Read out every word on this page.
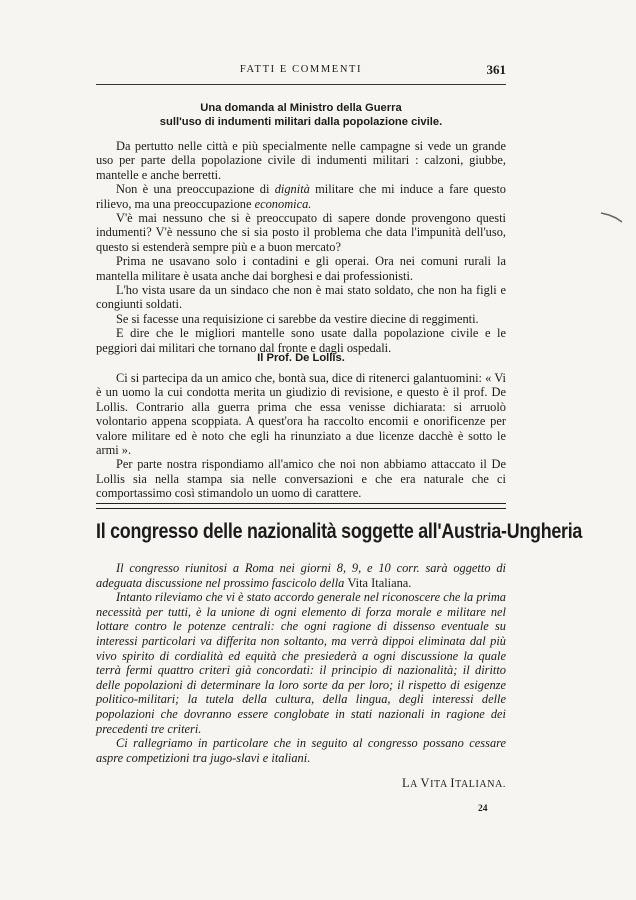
FATTI E COMMENTI	361
Una domanda al Ministro della Guerra
sull'uso di indumenti militari dalla popolazione civile.

Da pertutto nelle città e più specialmente nelle campagne si vede un grande uso per parte della popolazione civile di indumenti militari : calzoni, giubbe, mantelle e anche berretti.

Non è una preoccupazione di dignità militare che mi induce a fare questo rilievo, ma una preoccupazione economica.

V'è mai nessuno che si è preoccupato di sapere donde provengono questi indumenti? V'è nessuno che si sia posto il problema che data l'impunità dell'uso, questo si estenderà sempre più e a buon mercato?

Prima ne usavano solo i contadini e gli operai. Ora nei comuni rurali la mantella militare è usata anche dai borghesi e dai professionisti.

L'ho vista usare da un sindaco che non è mai stato soldato, che non ha figli e congiunti soldati.

Se si facesse una requisizione ci sarebbe da vestire diecine di reggimenti.

E dire che le migliori mantelle sono usate dalla popolazione civile e le peggiori dai militari che tornano dal fronte e dagli ospedali.

Il Prof. De Lollis.

Ci si partecipa da un amico che, bontà sua, dice di ritenerci galantuomini: « Vi è un uomo la cui condotta merita un giudizio di revisione, e questo è il prof. De Lollis. Contrario alla guerra prima che essa venisse dichiarata: si arruolò volontario appena scoppiata. A quest'ora ha raccolto encomii e onorificenze per valore militare ed è noto che egli ha rinunziato a due licenze dacchè è sotto le armi ».

Per parte nostra rispondiamo all'amico che noi non abbiamo attaccato il De Lollis sia nella stampa sia nelle conversazioni e che era naturale che ci comportassimo così stimandolo un uomo di carattere.

Il congresso delle nazionalità soggette all'Austria-Ungheria

Il congresso riunitosi a Roma nei giorni 8, 9, e 10 corr. sarà oggetto di adeguata discussione nel prossimo fascicolo della Vita Italiana.

Intanto rileviamo che vi è stato accordo generale nel riconoscere che la prima necessità per tutti, è la unione di ogni elemento di forza morale e militare nel lottare contro le potenze centrali: che ogni ragione di dissenso eventuale su interessi particolari va differita non soltanto, ma verrà dippoi eliminata dal più vivo spirito di cordialità ed equità che presiederà a ogni discussione la quale terrà fermi quattro criteri già concordati: il principio di nazionalità; il diritto delle popolazioni di determinare la loro sorte da per loro; il rispetto di esigenze politico-militari; la tutela della cultura, della lingua, degli interessi delle popolazioni che dovranno essere conglobate in stati nazionali in ragione dei precedenti tre criteri.

Ci rallegriamo in particolare che in seguito al congresso possano cessare aspre competizioni tra jugo-slavi e italiani.

LA VITA ITALIANA.
24
